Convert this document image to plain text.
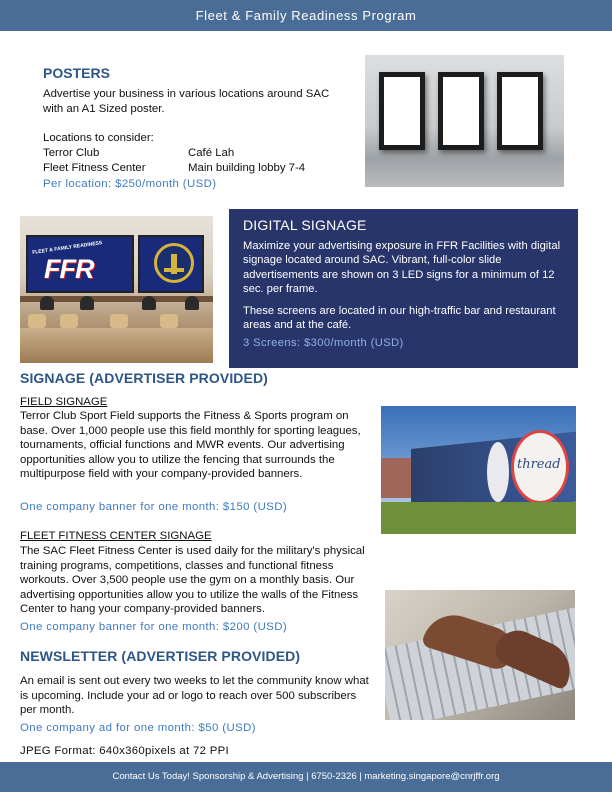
Fleet & Family Readiness Program
POSTERS
Advertise your business in various locations around SAC with an A1 Sized poster.
Locations to consider:
Terror Club	Café Lah
Fleet Fitness Center	Main building lobby 7-4
Per location: $250/month (USD)
FLEET & FAMILY READINESS
FFR
DIGITAL SIGNAGE
Maximize your advertising exposure in FFR Facilities with digital signage located around SAC. Vibrant, full-color slide advertisements are shown on 3 LED signs for a minimum of 12 sec. per frame.
These screens are located in our high-traffic bar and restaurant areas and at the café.
3 Screens: $300/month (USD)
SIGNAGE (ADVERTISER PROVIDED)
FIELD SIGNAGE
Terror Club Sport Field supports the Fitness & Sports program on base. Over 1,000 people use this field monthly for sporting leagues, tournaments, official functions and MWR events. Our advertising opportunities allow you to utilize the fencing that surrounds the multipurpose field with your company-provided banners.
One company banner for one month: $150 (USD)
thread
FLEET FITNESS CENTER SIGNAGE
The SAC Fleet Fitness Center is used daily for the military's physical training programs, competitions, classes and functional fitness workouts. Over 3,500 people use the gym on a monthly basis. Our advertising opportunities allow you to utilize the walls of the Fitness Center to hang your company-provided banners.
One company banner for one month: $200 (USD)
NEWSLETTER (ADVERTISER PROVIDED)
An email is sent out every two weeks to let the community know what is upcoming. Include your ad or logo to reach over 500 subscribers per month.
One company ad for one month: $50 (USD)
JPEG Format: 640x360pixels at 72 PPI
Contact Us Today! Sponsorship & Advertising | 6750-2326 | marketing.singapore@cnrjffr.org
